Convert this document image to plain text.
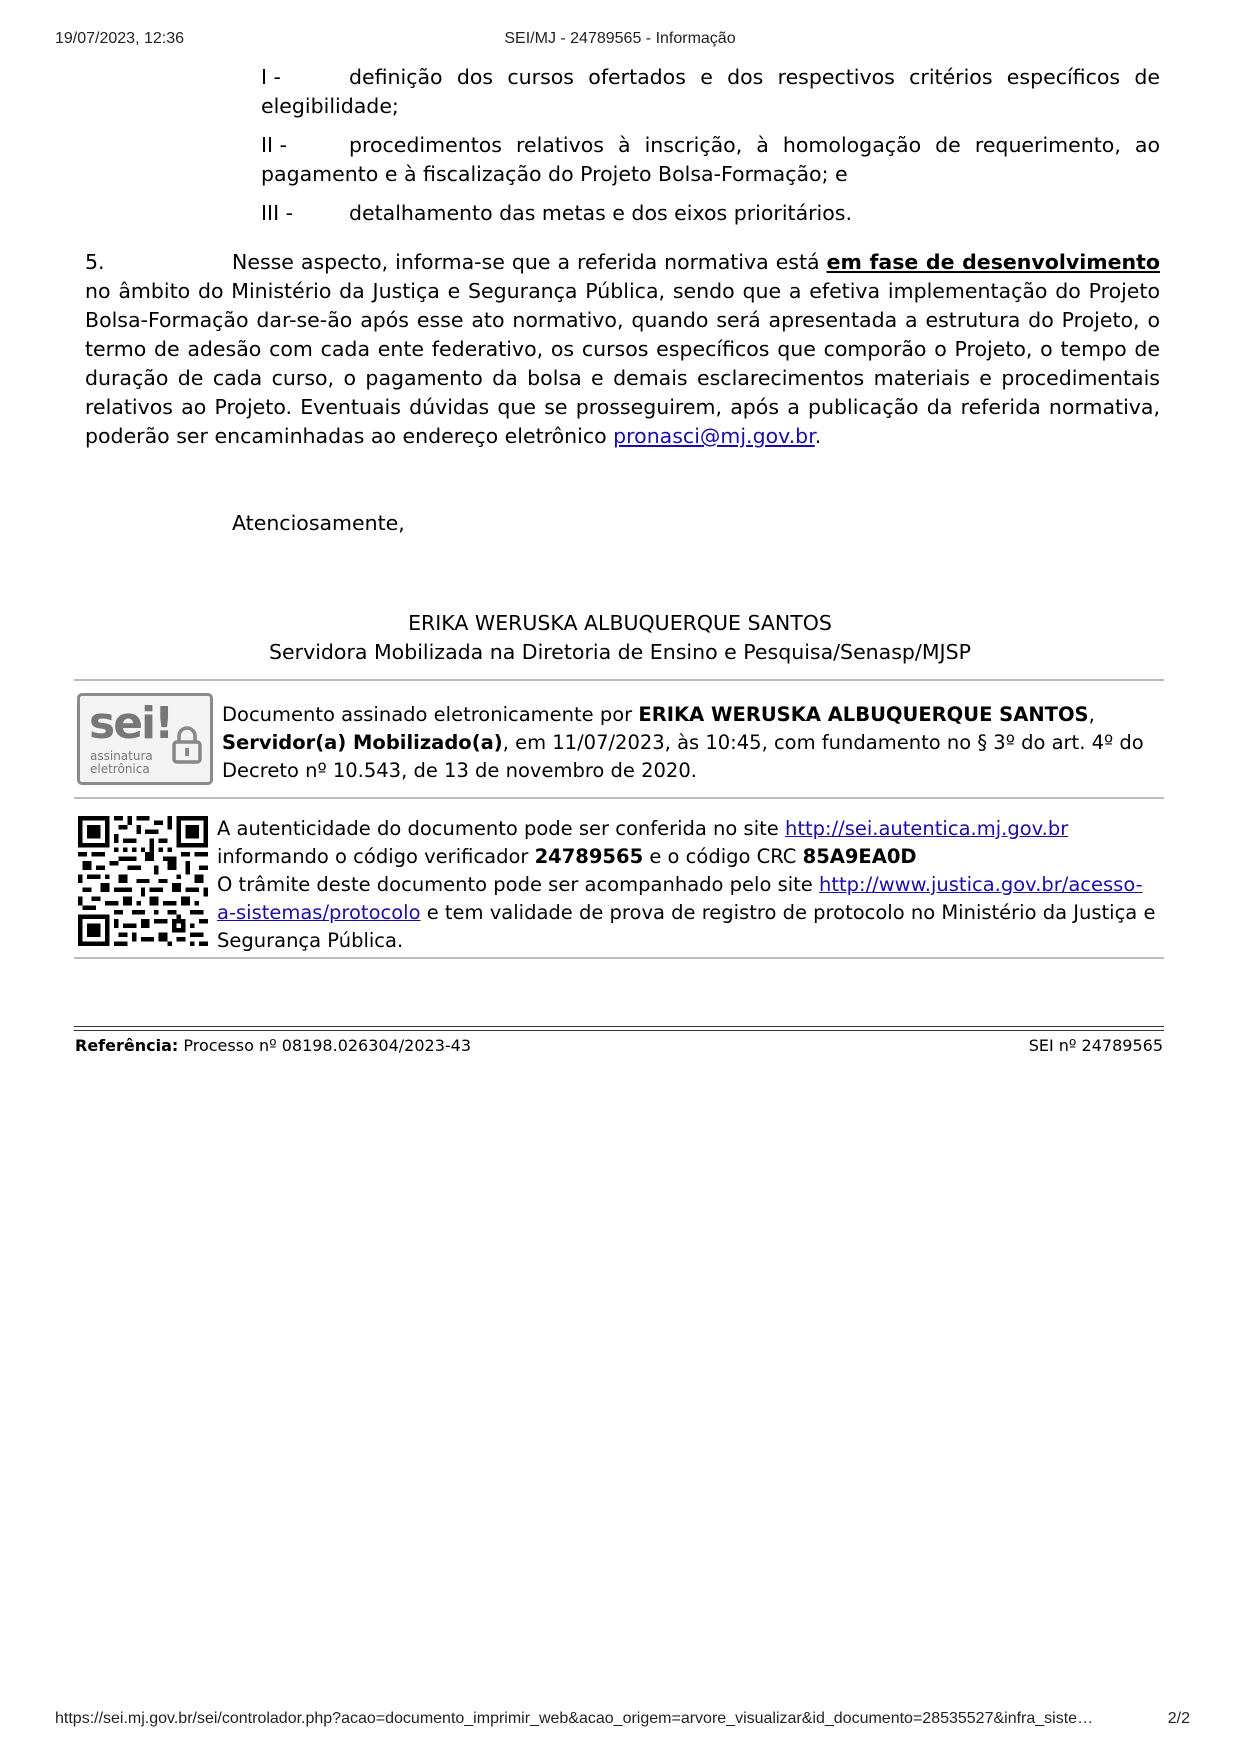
19/07/2023, 12:36	SEI/MJ - 24789565 - Informação
I -	definição dos cursos ofertados e dos respectivos critérios específicos de elegibilidade;
II -	procedimentos relativos à inscrição, à homologação de requerimento, ao pagamento e à fiscalização do Projeto Bolsa-Formação; e
III -	detalhamento das metas e dos eixos prioritários.
5.	Nesse aspecto, informa-se que a referida normativa está em fase de desenvolvimento no âmbito do Ministério da Justiça e Segurança Pública, sendo que a efetiva implementação do Projeto Bolsa-Formação dar-se-ão após esse ato normativo, quando será apresentada a estrutura do Projeto, o termo de adesão com cada ente federativo, os cursos específicos que comporão o Projeto, o tempo de duração de cada curso, o pagamento da bolsa e demais esclarecimentos materiais e procedimentais relativos ao Projeto. Eventuais dúvidas que se prosseguirem, após a publicação da referida normativa, poderão ser encaminhadas ao endereço eletrônico pronasci@mj.gov.br.
Atenciosamente,
ERIKA WERUSKA ALBUQUERQUE SANTOS
Servidora Mobilizada na Diretoria de Ensino e Pesquisa/Senasp/MJSP
sei!
assinatura
eletrônica
Documento assinado eletronicamente por ERIKA WERUSKA ALBUQUERQUE SANTOS, Servidor(a) Mobilizado(a), em 11/07/2023, às 10:45, com fundamento no § 3º do art. 4º do Decreto nº 10.543, de 13 de novembro de 2020.
A autenticidade do documento pode ser conferida no site http://sei.autentica.mj.gov.br informando o código verificador 24789565 e o código CRC 85A9EA0D
O trâmite deste documento pode ser acompanhado pelo site http://www.justica.gov.br/acesso-a-sistemas/protocolo e tem validade de prova de registro de protocolo no Ministério da Justiça e Segurança Pública.
Referência: Processo nº 08198.026304/2023-43	SEI nº 24789565
https://sei.mj.gov.br/sei/controlador.php?acao=documento_imprimir_web&acao_origem=arvore_visualizar&id_documento=28535527&infra_siste…	2/2
